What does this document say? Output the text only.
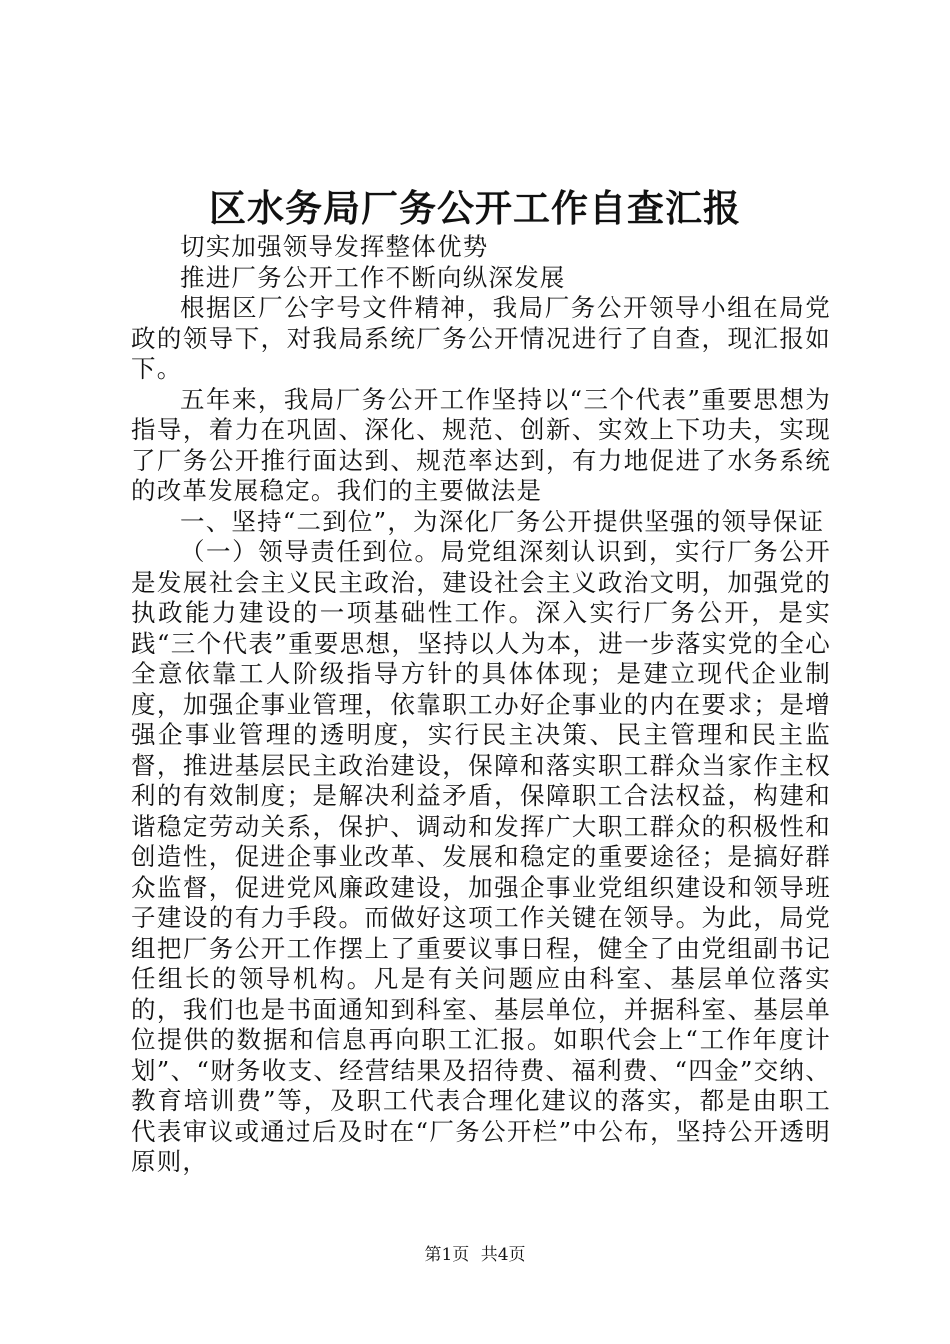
区水务局厂务公开工作自查汇报

切实加强领导发挥整体优势

推进厂务公开工作不断向纵深发展

根据区厂公字号文件精神，我局厂务公开领导小组在局党政的领导下，对我局系统厂务公开情况进行了自查，现汇报如下。

五年来，我局厂务公开工作坚持以“三个代表”重要思想为指导，着力在巩固、深化、规范、创新、实效上下功夫，实现了厂务公开推行面达到、规范率达到，有力地促进了水务系统的改革发展稳定。我们的主要做法是

一、坚持“二到位”，为深化厂务公开提供坚强的领导保证

（一）领导责任到位。局党组深刻认识到，实行厂务公开是发展社会主义民主政治，建设社会主义政治文明，加强党的执政能力建设的一项基础性工作。深入实行厂务公开，是实践“三个代表”重要思想，坚持以人为本，进一步落实党的全心全意依靠工人阶级指导方针的具体体现；是建立现代企业制度，加强企事业管理，依靠职工办好企事业的内在要求；是增强企事业管理的透明度，实行民主决策、民主管理和民主监督，推进基层民主政治建设，保障和落实职工群众当家作主权利的有效制度；是解决利益矛盾，保障职工合法权益，构建和谐稳定劳动关系，保护、调动和发挥广大职工群众的积极性和创造性，促进企事业改革、发展和稳定的重要途径；是搞好群众监督，促进党风廉政建设，加强企事业党组织建设和领导班子建设的有力手段。而做好这项工作关键在领导。为此，局党组把厂务公开工作摆上了重要议事日程，健全了由党组副书记任组长的领导机构。凡是有关问题应由科室、基层单位落实的，我们也是书面通知到科室、基层单位，并据科室、基层单位提供的数据和信息再向职工汇报。如职代会上“工作年度计划”、“财务收支、经营结果及招待费、福利费、“四金”交纳、教育培训费”等，及职工代表合理化建议的落实，都是由职工代表审议或通过后及时在“厂务公开栏”中公布，坚持公开透明原则，

第1页 共4页
